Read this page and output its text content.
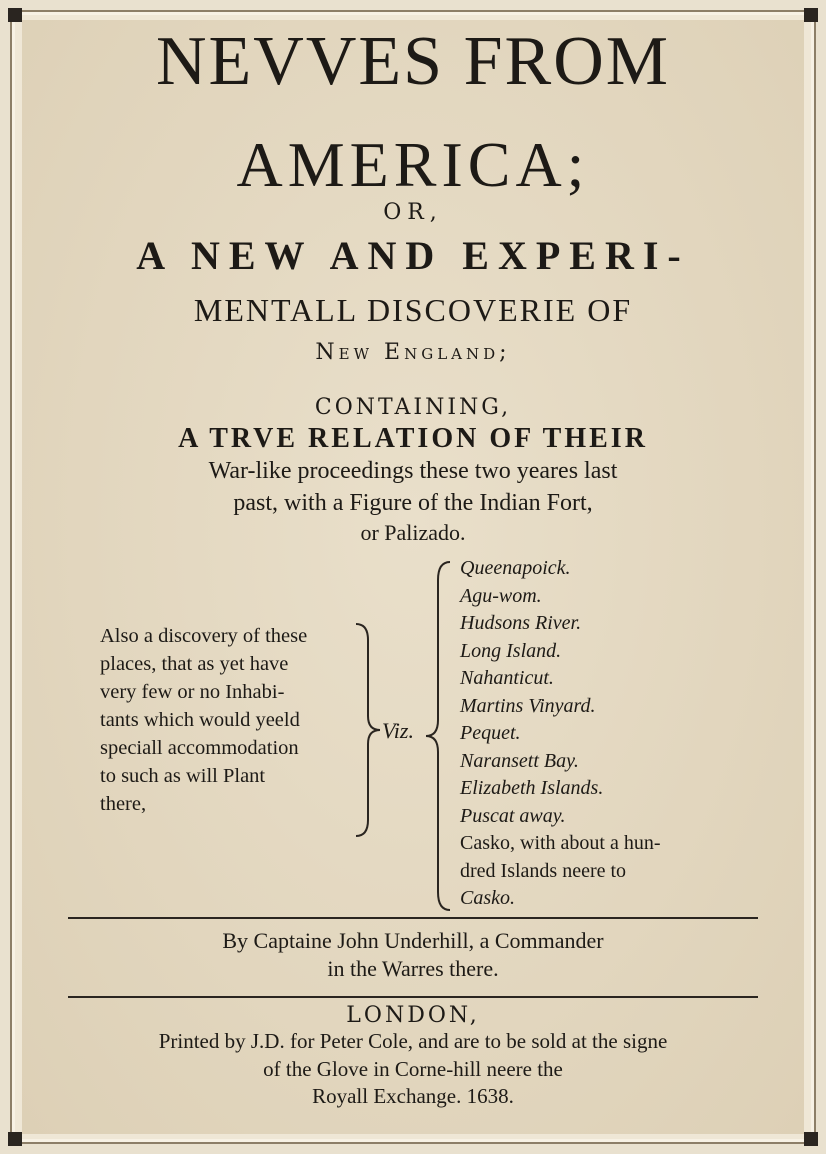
NEVVES FROM
AMERICA;
OR,
A NEW AND EXPERI-
MENTALL DISCOVERIE OF
New England;
CONTAINING,
A TRVE RELATION OF THEIR
War-like proceedings these two yeares last
past, with a Figure of the Indian Fort,
or Palizado.
Also a discovery of these
places, that as yet have
very few or no Inhabi-
tants which would yeeld
speciall accommodation
to such as will Plant
there,
Viz.
Queenapoick.
Agu-wom.
Hudsons River.
Long Island.
Nahanticut.
Martins Vinyard.
Pequet.
Naransett Bay.
Elizabeth Islands.
Puscat away.
Casko, with about a hun-
dred Islands neere to
Casko.
By Captaine John Underhill, a Commander
in the Warres there.
LONDON,
Printed by J.D. for Peter Cole, and are to be sold at the signe
of the Glove in Corne-hill neere the
Royall Exchange. 1638.
